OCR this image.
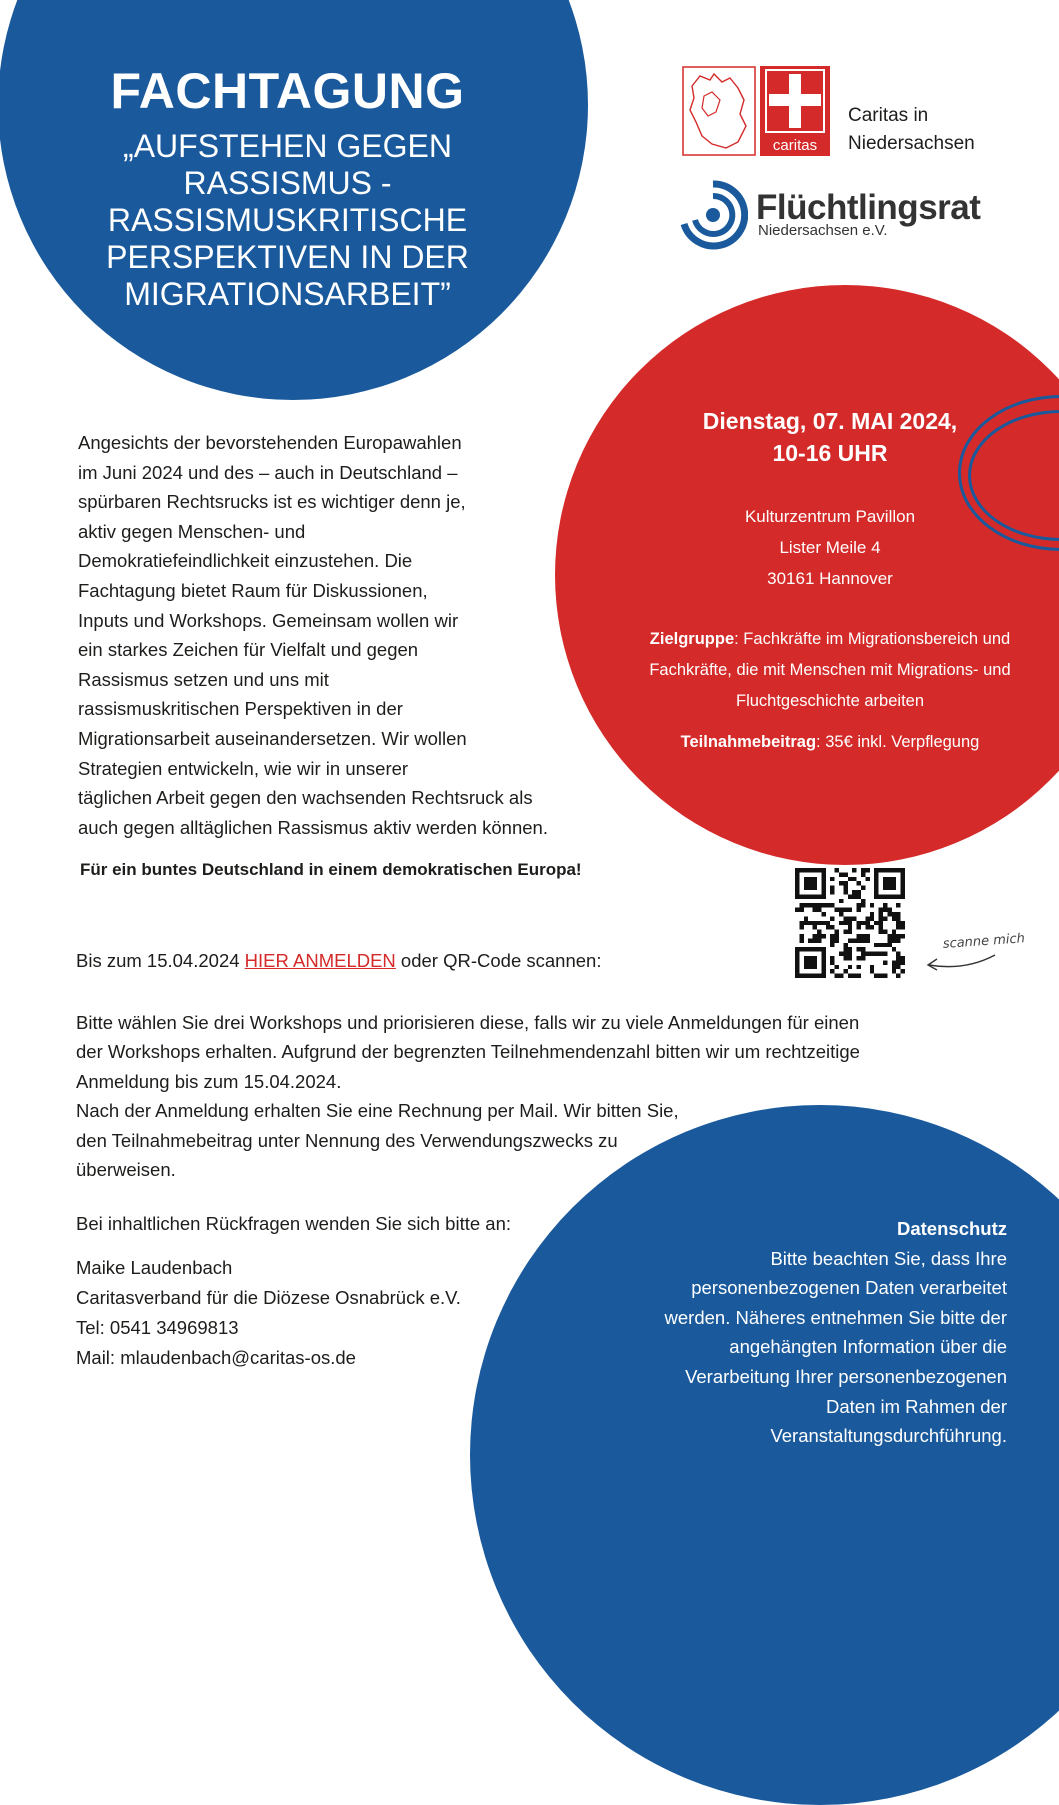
FACHTAGUNG

„AUFSTEHEN GEGEN
RASSISMUS -
RASSISMUSKRITISCHE
PERSPEKTIVEN IN DER
MIGRATIONSARBEIT”

caritas
Caritas in
Niedersachsen
Flüchtlingsrat
Niedersachsen e.V.
Angesichts der bevorstehenden Europawahlen
im Juni 2024 und des – auch in Deutschland –
spürbaren Rechtsrucks ist es wichtiger denn je,
aktiv gegen Menschen- und
Demokratiefeindlichkeit einzustehen. Die
Fachtagung bietet Raum für Diskussionen,
Inputs und Workshops. Gemeinsam wollen wir
ein starkes Zeichen für Vielfalt und gegen
Rassismus setzen und uns mit
rassismuskritischen Perspektiven in der
Migrationsarbeit auseinandersetzen. Wir wollen
Strategien entwickeln, wie wir in unserer
täglichen Arbeit gegen den wachsenden Rechtsruck als
auch gegen alltäglichen Rassismus aktiv werden können.
Für ein buntes Deutschland in einem demokratischen Europa!
Dienstag, 07. MAI 2024,
10-16 UHR
Kulturzentrum Pavillon
Lister Meile 4
30161 Hannover
Zielgruppe: Fachkräfte im Migrationsbereich und Fachkräfte, die mit Menschen mit Migrations- und Fluchtgeschichte arbeiten
Teilnahmebeitrag: 35€ inkl. Verpflegung
scanne mich
Bis zum 15.04.2024 HIER ANMELDEN oder QR-Code scannen:
Bitte wählen Sie drei Workshops und priorisieren diese, falls wir zu viele Anmeldungen für einen
der Workshops erhalten. Aufgrund der begrenzten Teilnehmendenzahl bitten wir um rechtzeitige
Anmeldung bis zum 15.04.2024.
Nach der Anmeldung erhalten Sie eine Rechnung per Mail. Wir bitten Sie,
den Teilnahmebeitrag unter Nennung des Verwendungszwecks zu
überweisen.
Bei inhaltlichen Rückfragen wenden Sie sich bitte an:
Maike Laudenbach
Caritasverband für die Diözese Osnabrück e.V.
Tel: 0541 34969813
Mail: mlaudenbach@caritas-os.de
Datenschutz
Bitte beachten Sie, dass Ihre
personenbezogenen Daten verarbeitet
werden. Näheres entnehmen Sie bitte der
angehängten Information über die
Verarbeitung Ihrer personenbezogenen
Daten im Rahmen der
Veranstaltungsdurchführung.
